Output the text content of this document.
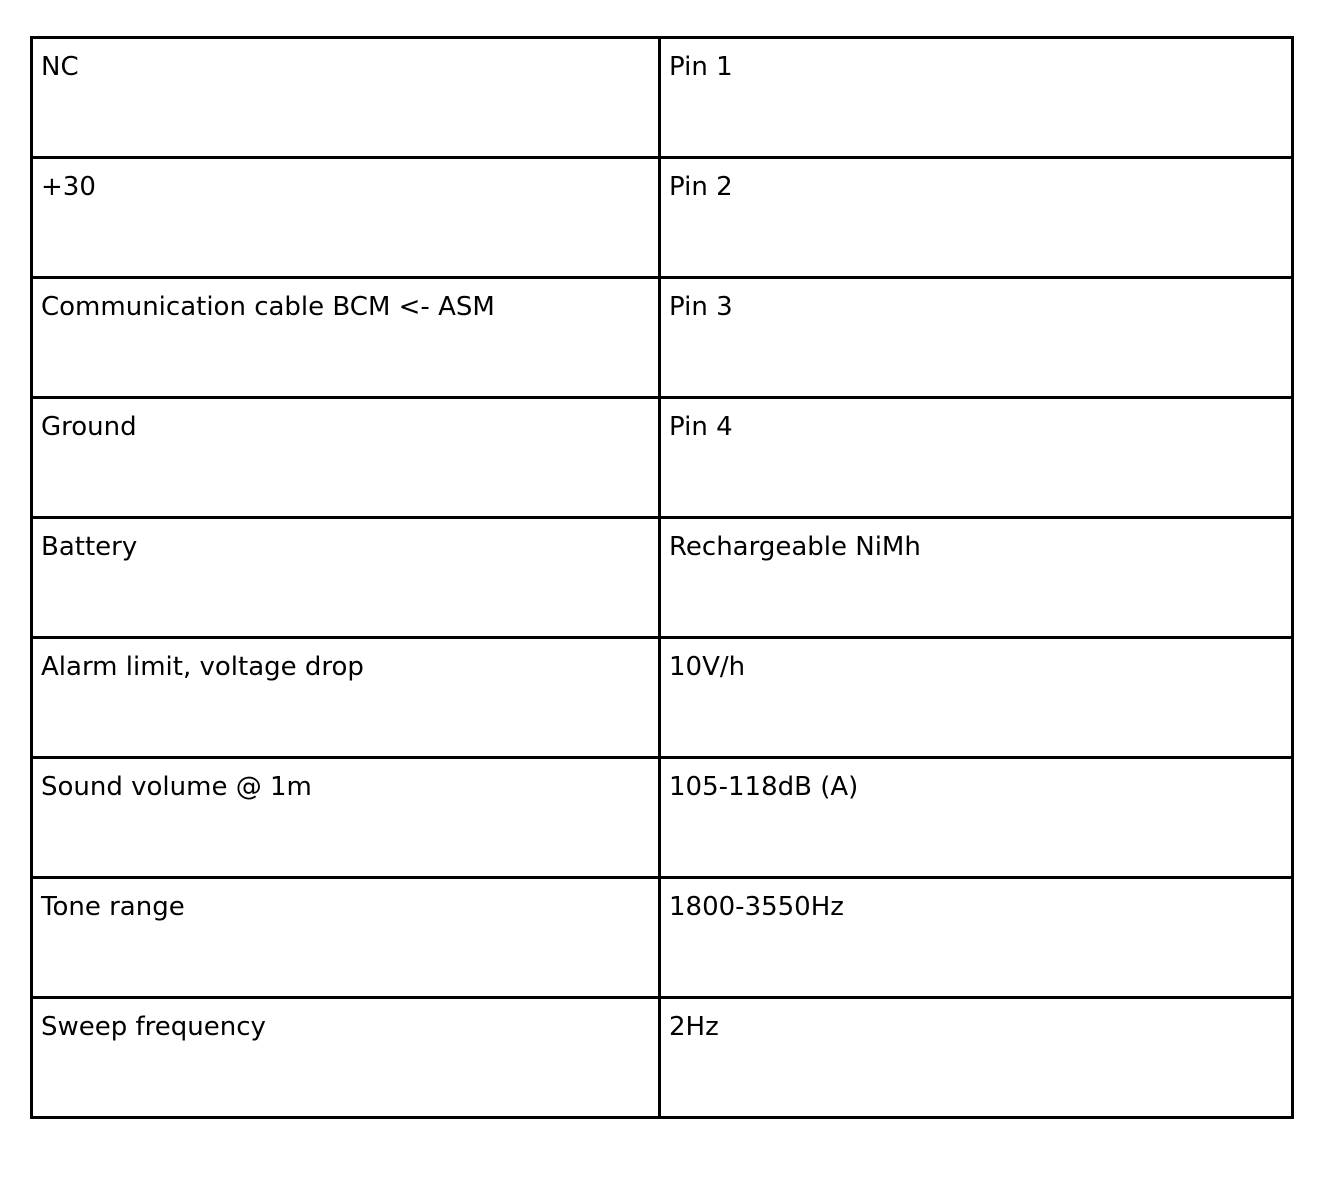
NC	Pin 1
+30	Pin 2
Communication cable BCM <- ASM	Pin 3
Ground	Pin 4
Battery	Rechargeable NiMh
Alarm limit, voltage drop	10V/h
Sound volume @ 1m	105-118dB (A)
Tone range	1800-3550Hz
Sweep frequency	2Hz
